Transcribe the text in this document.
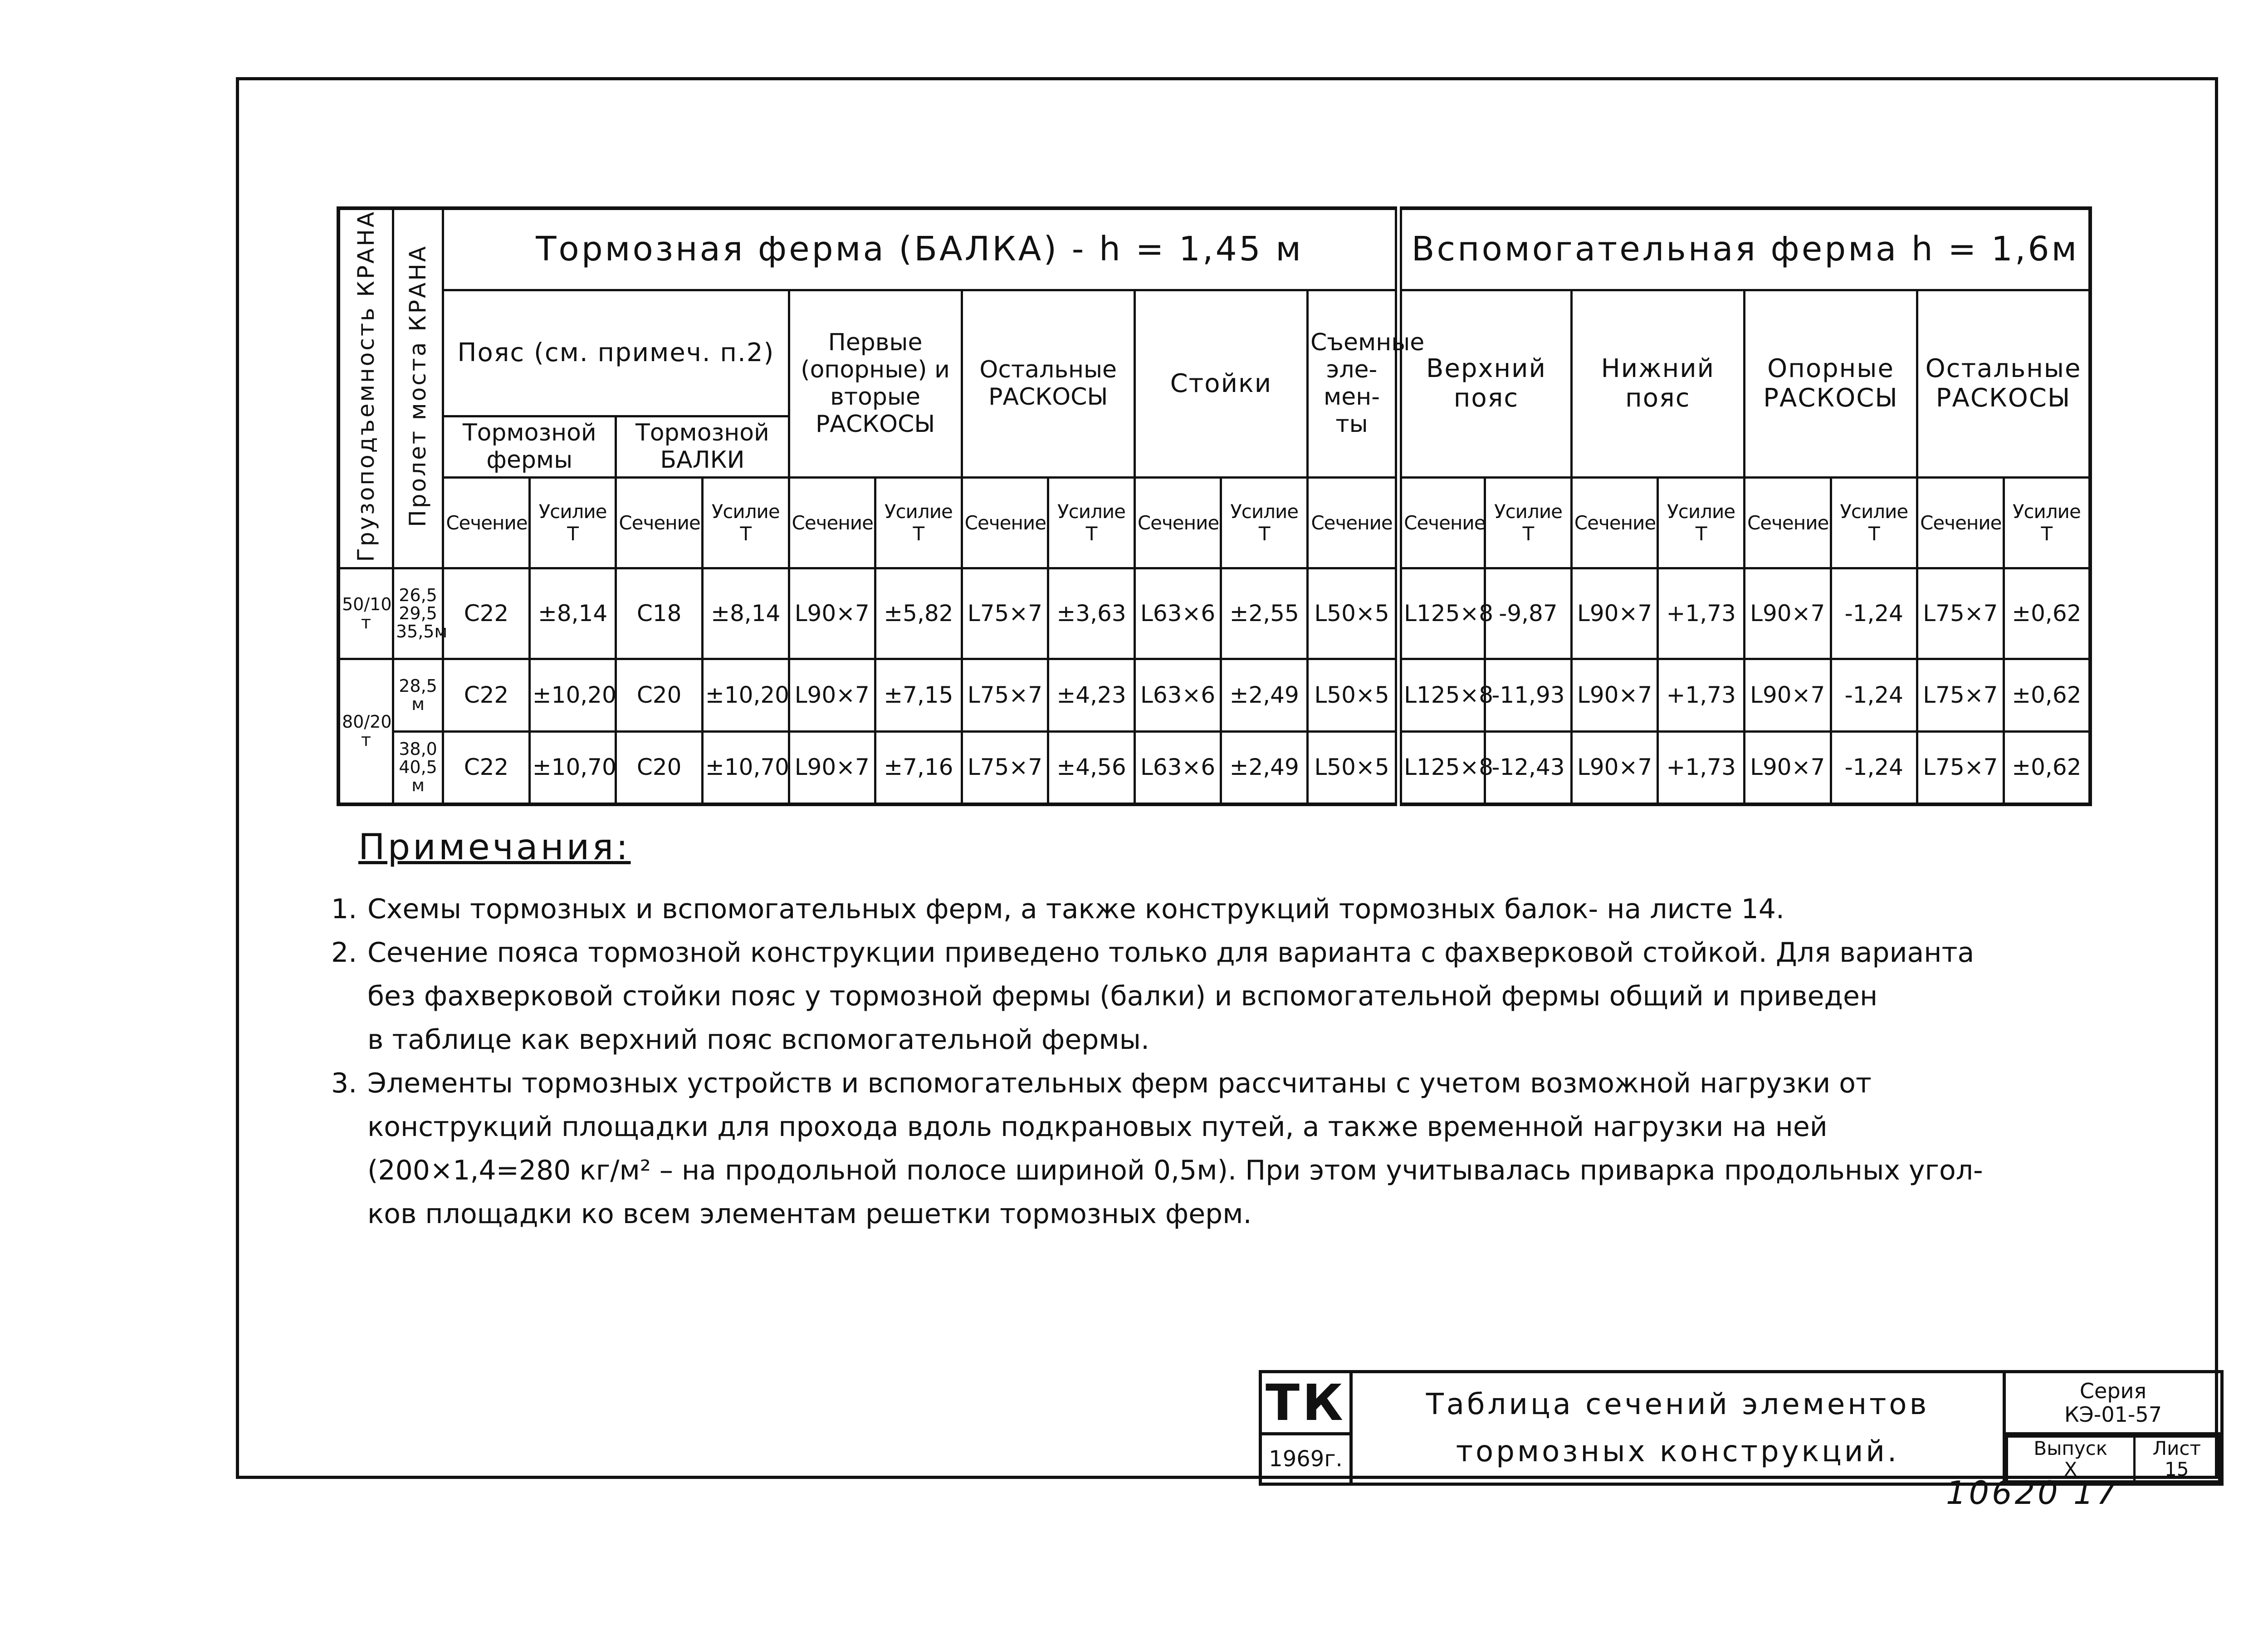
Грузоподъемность КРАНА	Пролет моста КРАНА	Тормозная ферма (БАЛКА) - h = 1,45 м											Вспомогательная ферма h = 1,6м							
		Пояс (см. примеч. п.2)				Первые (опорные) и вторые РАСКОСЫ		Остальные РАСКОСЫ		Стойки		Съемные эле-мен-ты	Верхний пояс		Нижний пояс		Опорные РАСКОСЫ		Остальные РАСКОСЫ	
		Тормозной фермы		Тормозной БАЛКИ																
		Сечение	Усилие Т	Сечение	Усилие Т	Сечение	Усилие Т	Сечение	Усилие Т	Сечение	Усилие Т	Сечение	Сечение	Усилие Т	Сечение	Усилие Т	Сечение	Усилие Т	Сечение	Усилие Т
50/10 т	26,5 29,5 35,5м	С22	±8,14	С18	±8,14	L90×7	±5,82	L75×7	±3,63	L63×6	±2,55	L50×5	L125×8	-9,87	L90×7	+1,73	L90×7	-1,24	L75×7	±0,62
80/20 т	28,5 м	С22	±10,20	С20	±10,20	L90×7	±7,15	L75×7	±4,23	L63×6	±2,49	L50×5	L125×8	-11,93	L90×7	+1,73	L90×7	-1,24	L75×7	±0,62
	38,0 40,5 м	С22	±10,70	С20	±10,70	L90×7	±7,16	L75×7	±4,56	L63×6	±2,49	L50×5	L125×8	-12,43	L90×7	+1,73	L90×7	-1,24	L75×7	±0,62
Примечания:

1. Схемы тормозных и вспомогательных ферм, а также конструкций тормозных балок- на листе 14.

2. Сечение пояса тормозной конструкции приведено только для варианта с фахверковой стойкой. Для варианта
без фахверковой стойки пояс у тормозной фермы (балки) и вспомогательной фермы общий и приведен
в таблице как верхний пояс вспомогательной фермы.

3. Элементы тормозных устройств и вспомогательных ферм рассчитаны с учетом возможной нагрузки от
конструкций площадки для прохода вдоль подкрановых путей, а также временной нагрузки на ней
(200×1,4=280 кг/м² – на продольной полосе шириной 0,5м). При этом учитывалась приварка продольных угол-
ков площадки ко всем элементам решетки тормозных ферм.

ТК	Таблица сечений элементов
тормозных конструкций.

Серия
КЭ-01-57

1969г.		Выпуск
X

Лист
15
10620 17
